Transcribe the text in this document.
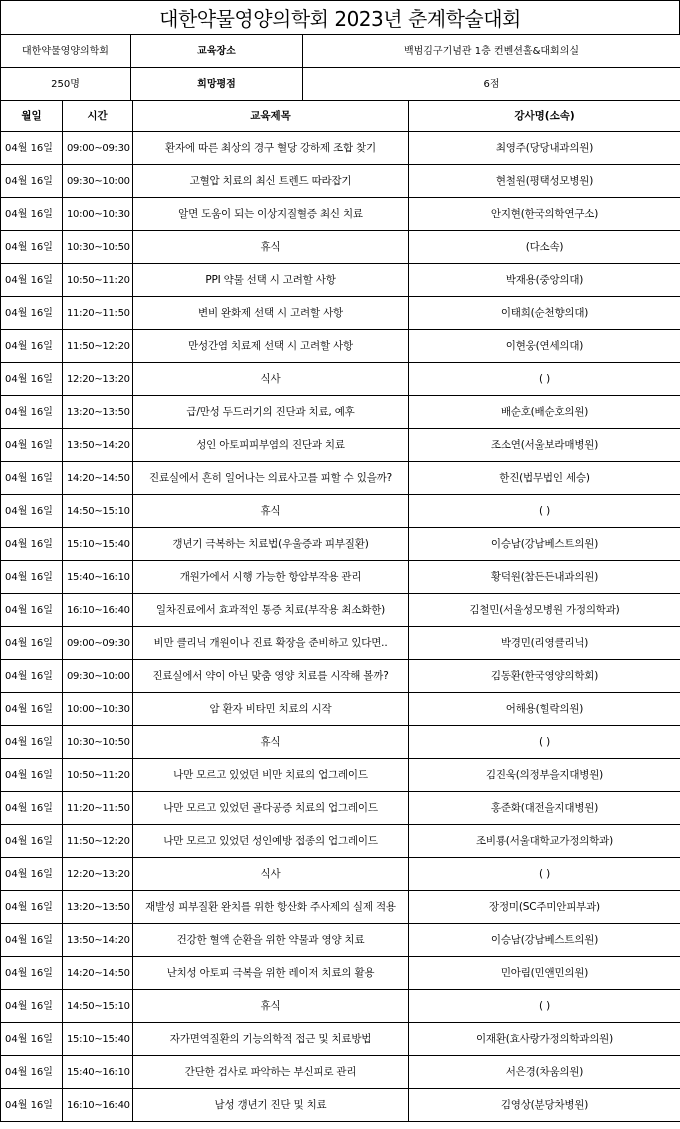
대한약물영양의학회 2023년 춘계학술대회
대한약물영양의학회	교육장소	백범김구기념관 1층 컨벤션홀&대회의실
250명	희망평점	6점
월일	시간	교육제목	강사명(소속)
04월 16일	09:00~09:30	환자에 따른 최상의 경구 혈당 강하제 조합 찾기	최영주(당당내과의원)
04월 16일	09:30~10:00	고혈압 치료의 최신 트렌드 따라잡기	현철원(평택성모병원)
04월 16일	10:00~10:30	알면 도움이 되는 이상지질혈증 최신 치료	안지현(한국의학연구소)
04월 16일	10:30~10:50	휴식	(다소속)
04월 16일	10:50~11:20	PPI 약물 선택 시 고려할 사항	박재용(중앙의대)
04월 16일	11:20~11:50	변비 완화제 선택 시 고려할 사항	이태희(순천향의대)
04월 16일	11:50~12:20	만성간염 치료제 선택 시 고려할 사항	이현웅(연세의대)
04월 16일	12:20~13:20	식사	( )
04월 16일	13:20~13:50	급/만성 두드러기의 진단과 치료, 예후	배순호(배순호의원)
04월 16일	13:50~14:20	성인 아토피피부염의 진단과 치료	조소연(서울보라매병원)
04월 16일	14:20~14:50	진료실에서 흔히 일어나는 의료사고를 피할 수 있을까?	한진(법무법인 세승)
04월 16일	14:50~15:10	휴식	( )
04월 16일	15:10~15:40	갱년기 극복하는 치료법(우울증과 피부질환)	이승남(강남베스트의원)
04월 16일	15:40~16:10	개원가에서 시행 가능한 항암부작용 관리	황덕원(참든든내과의원)
04월 16일	16:10~16:40	일차진료에서 효과적인 통증 치료(부작용 최소화한)	김철민(서울성모병원 가정의학과)
04월 16일	09:00~09:30	비만 클리닉 개원이나 진료 확장을 준비하고 있다면..	박경민(리영클리닉)
04월 16일	09:30~10:00	진료실에서 약이 아닌 맞춤 영양 치료를 시작해 볼까?	김동환(한국영양의학회)
04월 16일	10:00~10:30	암 환자 비타민 치료의 시작	어해용(힐락의원)
04월 16일	10:30~10:50	휴식	( )
04월 16일	10:50~11:20	나만 모르고 있었던 비만 치료의 업그레이드	김진욱(의정부을지대병원)
04월 16일	11:20~11:50	나만 모르고 있었던 골다공증 치료의 업그레이드	홍준화(대전을지대병원)
04월 16일	11:50~12:20	나만 모르고 있었던 성인예방 접종의 업그레이드	조비룡(서울대학교가정의학과)
04월 16일	12:20~13:20	식사	( )
04월 16일	13:20~13:50	재발성 피부질환 완치를 위한 항산화 주사제의 실제 적용	장정미(SC주미안피부과)
04월 16일	13:50~14:20	건강한 혈액 순환을 위한 약물과 영양 치료	이승남(강남베스트의원)
04월 16일	14:20~14:50	난치성 아토피 극복을 위한 레이저 치료의 활용	민아림(민앤민의원)
04월 16일	14:50~15:10	휴식	( )
04월 16일	15:10~15:40	자가면역질환의 기능의학적 접근 및 치료방법	이재환(효사랑가정의학과의원)
04월 16일	15:40~16:10	간단한 검사로 파악하는 부신피로 관리	서은경(차움의원)
04월 16일	16:10~16:40	남성 갱년기 진단 및 치료	김영상(분당차병원)
